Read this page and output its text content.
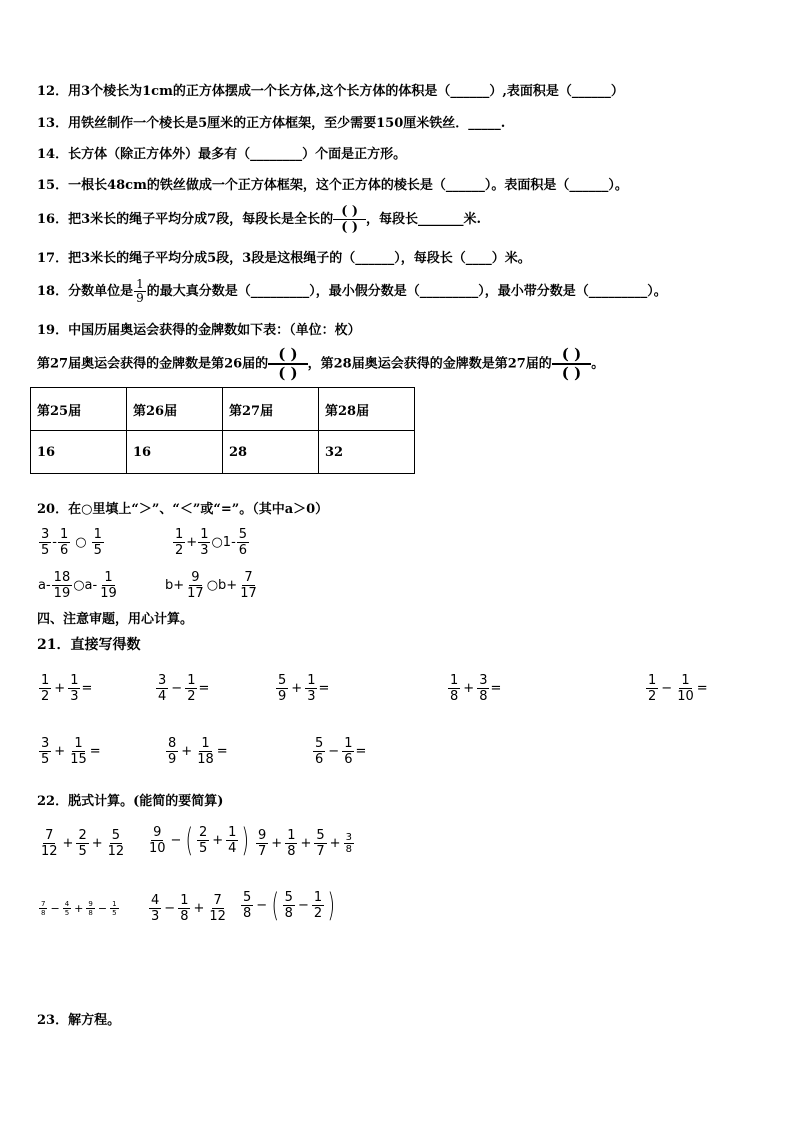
12．用3个棱长为1cm的正方体摆成一个长方体,这个长方体的体积是（______）,表面积是（______）
13．用铁丝制作一个棱长是5厘米的正方体框架，至少需要150厘米铁丝．_____.
14．长方体（除正方体外）最多有（________）个面是正方形。
15．一根长48cm的铁丝做成一个正方体框架，这个正方体的棱长是（______）。表面积是（______）。
16．把3米长的绳子平均分成7段，每段长是全长的
( )
( )
，每段长_______米.
17．把3米长的绳子平均分成5段，3段是这根绳子的（______），每段长（____）米。
18．分数单位是 $\frac{1}{9}$ 的最大真分数是（_________），最小假分数是（_________），最小带分数是（_________）。
19．中国历届奥运会获得的金牌数如下表：（单位：枚）
第27届奥运会获得的金牌数是第26届的
( )
( ) ，第28届奥运会获得的金牌数是第27届的
( )
( ) 。
第25届	第26届	第27届	第28届
16	16	28	32
20．在○里填上“＞”、“＜”或“=”。（其中a＞0）
3
5
-
1
6
○
1
5
1
2
+ $\frac{1}{3}$ ○1-
5
6
a-
18
19
○a-
1
19
$b+ \frac{9}{17}$ ○b+ $\frac{7}{17}$
四、注意审题，用心计算。
21．直接写得数
1
2
+ $\frac{1}{3}$ =
3
4
− $\frac{1}{2}$ =
5
9
+ $\frac{1}{3}$ =
1
8
+ $\frac{3}{8}$ =
1
2
− $\frac{1}{10}$ =
3
5
+ $\frac{1}{15}$ =
8
9
+ $\frac{1}{18}$ =
5
6
− $\frac{1}{6}$ =
22．脱式计算。(能简的要简算)
7
12
+ $\frac{2}{5} + \frac{5}{12} 9$
10
− ( 2
5
+ $\frac{1}{4}$ ) 9
7
+ $\frac{1}{8} + \frac{5}{7} + \frac{3}{8}$
7
$8 - \frac{4}{5} + \frac{9}{8} - \frac{1}{5} 4$
3
− $\frac{1}{8} + \frac{7}{12} 5$
8
− ( 5
8
− $\frac{1}{2}$ )
23．解方程。
